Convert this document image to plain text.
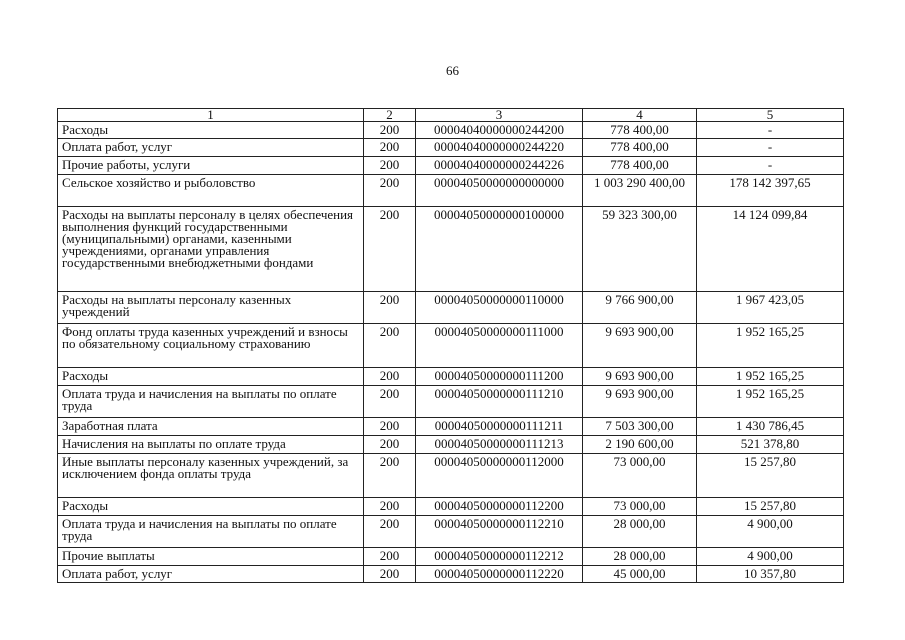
66
1	2	3	4	5
Расходы	200	00004040000000244200	778 400,00	-
Оплата работ, услуг	200	00004040000000244220	778 400,00	-
Прочие работы, услуги	200	00004040000000244226	778 400,00	-
Сельское хозяйство и рыболовство	200	00004050000000000000	1 003 290 400,00	178 142 397,65
Расходы на выплаты персоналу в целях обеспечения выполнения функций государственными (муниципальными) органами, казенными учреждениями, органами управления государственными внебюджетными фондами	200	00004050000000100000	59 323 300,00	14 124 099,84
Расходы на выплаты персоналу казенных учреждений	200	00004050000000110000	9 766 900,00	1 967 423,05
Фонд оплаты труда казенных учреждений и взносы по обязательному социальному страхованию	200	00004050000000111000	9 693 900,00	1 952 165,25
Расходы	200	00004050000000111200	9 693 900,00	1 952 165,25
Оплата труда и начисления на выплаты по оплате труда	200	00004050000000111210	9 693 900,00	1 952 165,25
Заработная плата	200	00004050000000111211	7 503 300,00	1 430 786,45
Начисления на выплаты по оплате труда	200	00004050000000111213	2 190 600,00	521 378,80
Иные выплаты персоналу казенных учреждений, за исключением фонда оплаты труда	200	00004050000000112000	73 000,00	15 257,80
Расходы	200	00004050000000112200	73 000,00	15 257,80
Оплата труда и начисления на выплаты по оплате труда	200	00004050000000112210	28 000,00	4 900,00
Прочие выплаты	200	00004050000000112212	28 000,00	4 900,00
Оплата работ, услуг	200	00004050000000112220	45 000,00	10 357,80
